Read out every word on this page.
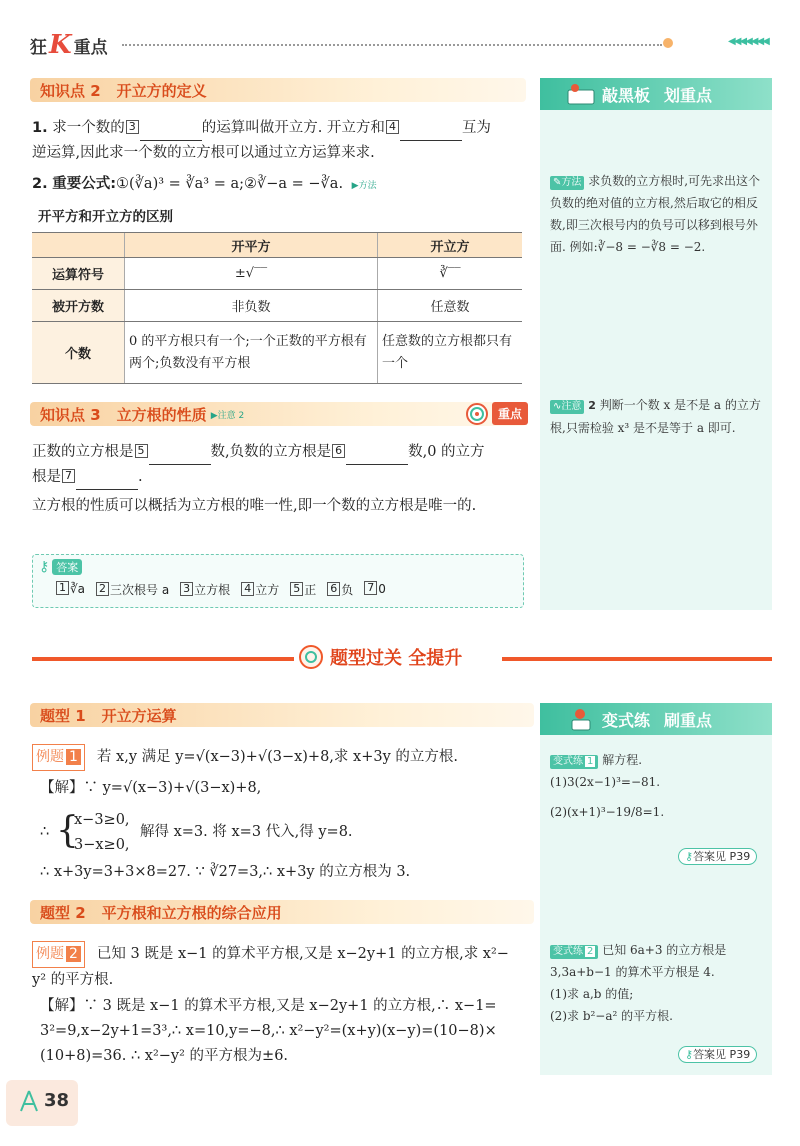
狂 K 重点	◀◀◀◀◀◀◀
知识点 2 开立方的定义
1. 求一个数的 3	的运算叫做开立方. 开立方和 4	互为
逆运算,因此求一个数的立方根可以通过立方运算来求.
2. 重要公式:①(∛a)³ = ∛a³ = a;②∛−a = −∛a. ▶方法
开平方和开立方的区别
	开平方	开立方
运算符号	±√‾‾	∛‾‾
被开方数	非负数	任意数
个数	0 的平方根只有一个;一个正数的平方根有两个;负数没有平方根	任意数的立方根都只有一个
知识点 3 立方根的性质 ▶注意 2	重点
正数的立方根是 5	数,负数的立方根是 6	数,0 的立方
根是 7	.
立方根的性质可以概括为立方根的唯一性,即一个数的立方根是唯一的.
⚷ 答案
1 ∛a	2 三次根号 a	3 立方根	4 立方	5 正	6 负	7 0
敲黑板 划重点
✎方法 求负数的立方根时,可先求出这个负数的绝对值的立方根,然后取它的相反数,即三次根号内的负号可以移到根号外面. 例如:∛−8 = −∛8 = −2.
∿注意 2 判断一个数 x 是不是 a 的立方根,只需检验 x³ 是不是等于 a 即可.
题型过关 全提升
题型 1 开立方运算
例题 1 若 x,y 满足 y=√(x−3)+√(3−x)+8,求 x+3y 的立方根.
【解】∵ y=√(x−3)+√(3−x)+8,
∴ {
x−3≥0,
3−x≥0,
解得 x=3. 将 x=3 代入,得 y=8.
∴ x+3y=3+3×8=27. ∵ ∛27=3,∴ x+3y 的立方根为 3.
题型 2 平方根和立方根的综合应用
例题 2 已知 3 既是 x−1 的算术平方根,又是 x−2y+1 的立方根,求 x²−
y² 的平方根.
【解】∵ 3 既是 x−1 的算术平方根,又是 x−2y+1 的立方根,∴ x−1=
3²=9,x−2y+1=3³,∴ x=10,y=−8,∴ x²−y²=(x+y)(x−y)=(10−8)×
(10+8)=36. ∴ x²−y² 的平方根为±6.
变式练 刷重点
变式练 1 解方程.
(1)3(2x−1)³=−81.
(2)(x+1)³−19/8=1.
⚷答案见 P39
变式练 2 已知 6a+3 的立方根是 3,3a+b−1 的算术平方根是 4.
(1)求 a,b 的值;
(2)求 b²−a² 的平方根.
⚷答案见 P39
38
